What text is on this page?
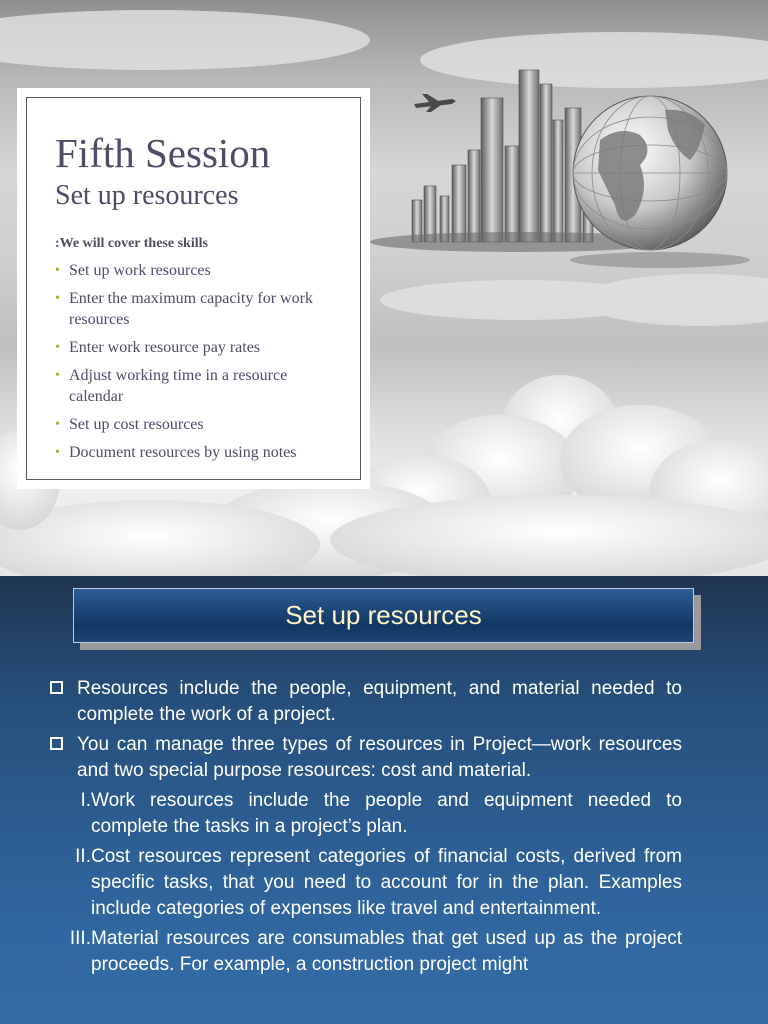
Fifth Session
Set up resources
:We will cover these skills
• Set up work resources
• Enter the maximum capacity for work resources
• Enter work resource pay rates
• Adjust working time in a resource calendar
• Set up cost resources
• Document resources by using notes
Set up resources
Resources include the people, equipment, and material needed to complete the work of a project.
You can manage three types of resources in Project—work resources and two special purpose resources: cost and material.
I. Work resources include the people and equipment needed to complete the tasks in a project’s plan.
II. Cost resources represent categories of financial costs, derived from specific tasks, that you need to account for in the plan. Examples include categories of expenses like travel and entertainment.
III. Material resources are consumables that get used up as the project proceeds. For example, a construction project might
